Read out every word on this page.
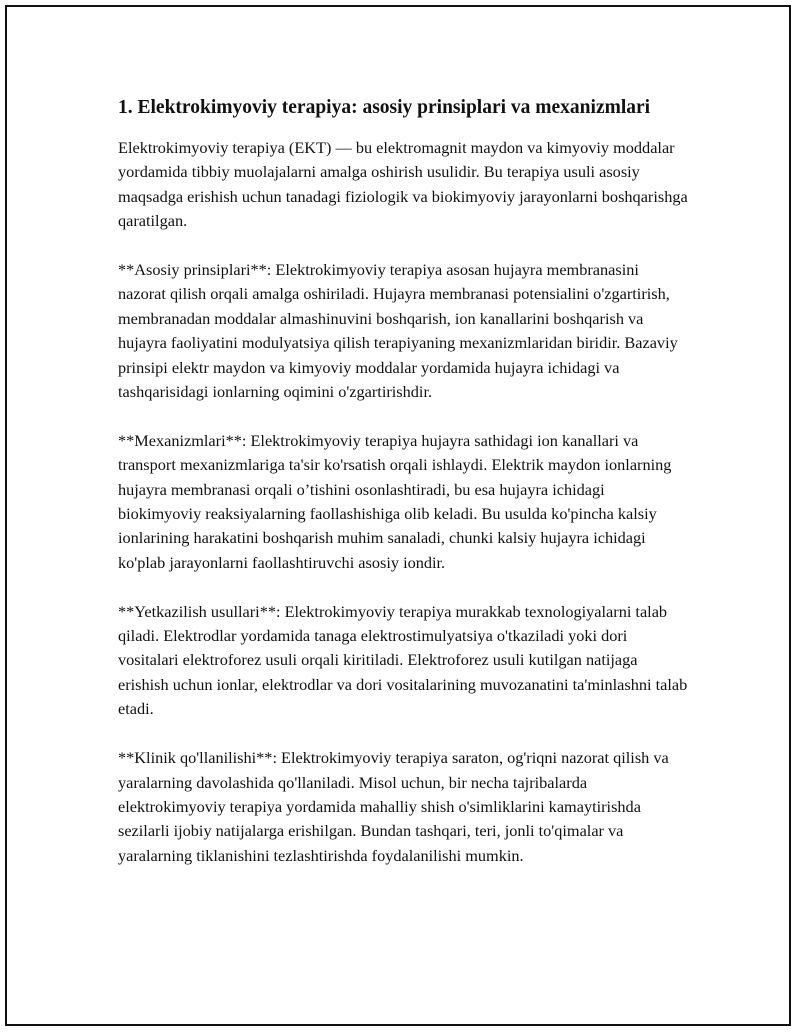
1. Elektrokimyoviy terapiya: asosiy prinsiplari va mexanizmlari

Elektrokimyoviy terapiya (EKT) — bu elektromagnit maydon va kimyoviy moddalar yordamida tibbiy muolajalarni amalga oshirish usulidir. Bu terapiya usuli asosiy maqsadga erishish uchun tanadagi fiziologik va biokimyoviy jarayonlarni boshqarishga qaratilgan.

**Asosiy prinsiplari**: Elektrokimyoviy terapiya asosan hujayra membranasini nazorat qilish orqali amalga oshiriladi. Hujayra membranasi potensialini o'zgartirish, membranadan moddalar almashinuvini boshqarish, ion kanallarini boshqarish va hujayra faoliyatini modulyatsiya qilish terapiyaning mexanizmlaridan biridir. Bazaviy prinsipi elektr maydon va kimyoviy moddalar yordamida hujayra ichidagi va tashqarisidagi ionlarning oqimini o'zgartirishdir.

**Mexanizmlari**: Elektrokimyoviy terapiya hujayra sathidagi ion kanallari va transport mexanizmlariga ta'sir ko'rsatish orqali ishlaydi. Elektrik maydon ionlarning hujayra membranasi orqali o’tishini osonlashtiradi, bu esa hujayra ichidagi biokimyoviy reaksiyalarning faollashishiga olib keladi. Bu usulda ko'pincha kalsiy ionlarining harakatini boshqarish muhim sanaladi, chunki kalsiy hujayra ichidagi ko'plab jarayonlarni faollashtiruvchi asosiy iondir.

**Yetkazilish usullari**: Elektrokimyoviy terapiya murakkab texnologiyalarni talab qiladi. Elektrodlar yordamida tanaga elektrostimulyatsiya o'tkaziladi yoki dori vositalari elektroforez usuli orqali kiritiladi. Elektroforez usuli kutilgan natijaga erishish uchun ionlar, elektrodlar va dori vositalarining muvozanatini ta'minlashni talab etadi.

**Klinik qo'llanilishi**: Elektrokimyoviy terapiya saraton, og'riqni nazorat qilish va yaralarning davolashida qo'llaniladi. Misol uchun, bir necha tajribalarda elektrokimyoviy terapiya yordamida mahalliy shish o'simliklarini kamaytirishda sezilarli ijobiy natijalarga erishilgan. Bundan tashqari, teri, jonli to'qimalar va yaralarning tiklanishini tezlashtirishda foydalanilishi mumkin.
